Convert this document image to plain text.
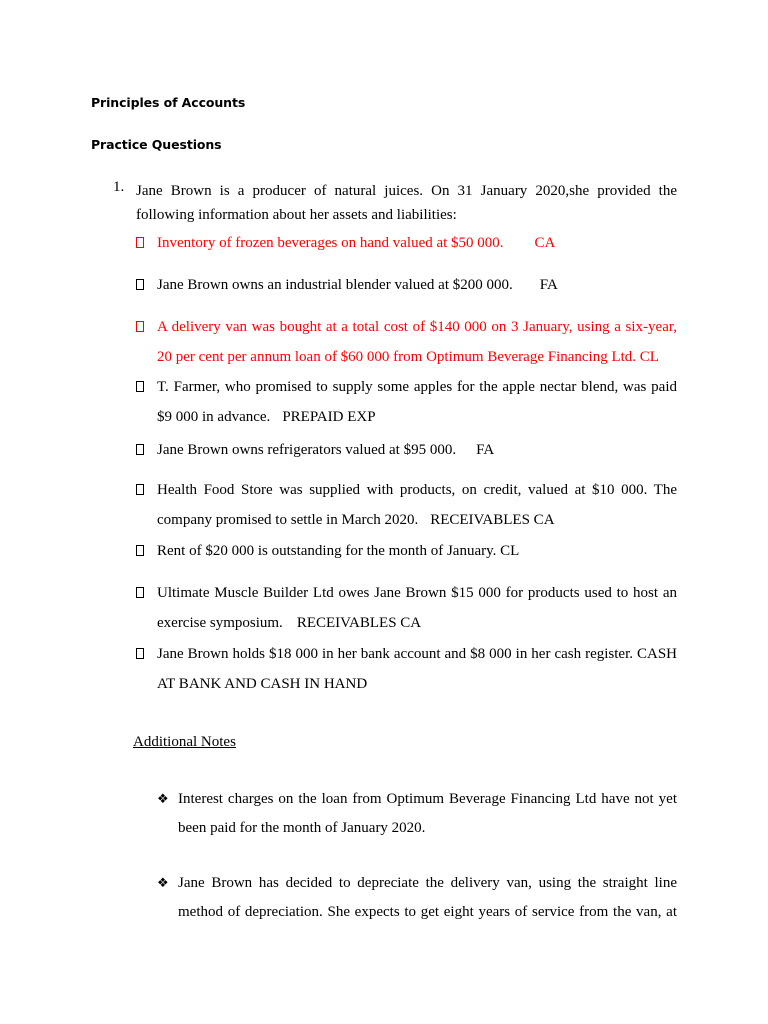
Principles of Accounts
Practice Questions
1. Jane Brown is a producer of natural juices. On 31 January 2020,she provided the
following information about her assets and liabilities:
Inventory of frozen beverages on hand valued at $50 000. CA
Jane Brown owns an industrial blender valued at $200 000. FA
A delivery van was bought at a total cost of $140 000 on 3 January, using a six-year,
20 per cent per annum loan of $60 000 from Optimum Beverage Financing Ltd. CL
T. Farmer, who promised to supply some apples for the apple nectar blend, was paid
$9 000 in advance. PREPAID EXP
Jane Brown owns refrigerators valued at $95 000. FA
Health Food Store was supplied with products, on credit, valued at $10 000. The
company promised to settle in March 2020. RECEIVABLES CA
Rent of $20 000 is outstanding for the month of January. CL
Ultimate Muscle Builder Ltd owes Jane Brown $15 000 for products used to host an
exercise symposium. RECEIVABLES CA
Jane Brown holds $18 000 in her bank account and $8 000 in her cash register. CASH
AT BANK AND CASH IN HAND
Additional Notes
❖ Interest charges on the loan from Optimum Beverage Financing Ltd have not yet
been paid for the month of January 2020.
❖ Jane Brown has decided to depreciate the delivery van, using the straight line
method of depreciation. She expects to get eight years of service from the van, at
